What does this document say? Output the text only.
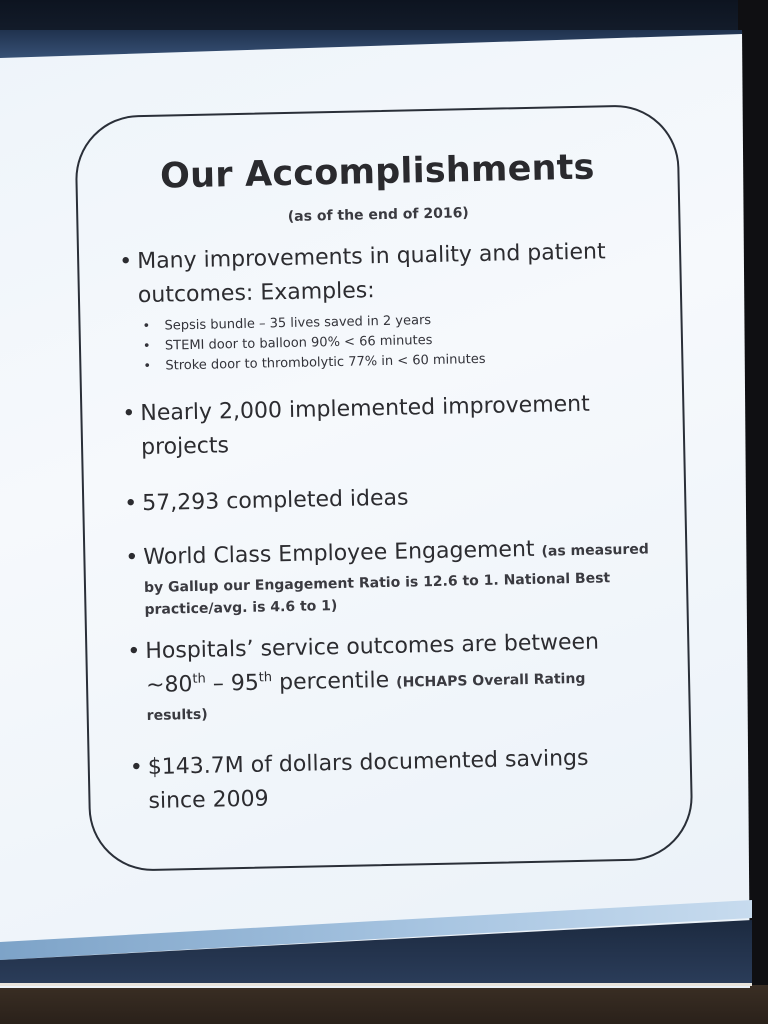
Our Accomplishments
(as of the end of 2016)
• Many improvements in quality and patient
outcomes: Examples:
• Sepsis bundle – 35 lives saved in 2 years
• STEMI door to balloon 90% < 66 minutes
• Stroke door to thrombolytic 77% in < 60 minutes
• Nearly 2,000 implemented improvement
projects
• 57,293 completed ideas
• World Class Employee Engagement (as measured
by Gallup our Engagement Ratio is 12.6 to 1. National Best
practice/avg. is 4.6 to 1)
• Hospitals’ service outcomes are between
~80th – 95th percentile (HCHAPS Overall Rating
results)
• $143.7M of dollars documented savings
since 2009
